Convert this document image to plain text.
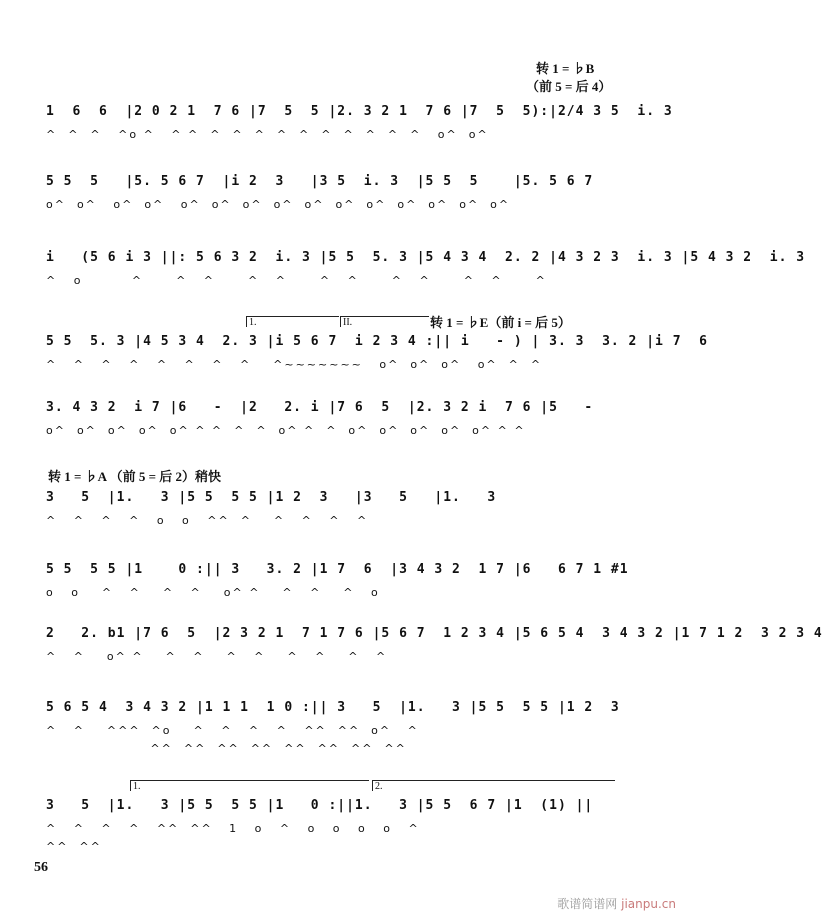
转 1 = ♭B
（前 5 = 后 4）
1  6  6  |2 0 2 1  7 6 |7  5  5 |2. 3 2 1  7 6 |7  5  5):|2/4 3 5  i. 3
^  ^  ^   ^o ^   ^ ^  ^  ^  ^  ^  ^  ^  ^  ^  ^  ^   o^  o^
5 5  5   |5. 5 6 7  |i 2  3   |3 5  i. 3  |5 5  5    |5. 5 6 7
o^  o^   o^  o^   o^  o^  o^  o^  o^  o^  o^  o^  o^  o^  o^
i   (5 6 i 3 ||: 5 6 3 2  i. 3 |5 5  5. 3 |5 4 3 4  2. 2 |4 3 2 3  i. 3 |5 4 3 2  i. 3
^   o         ^      ^   ^      ^   ^      ^   ^      ^   ^      ^   ^      ^
1.	II.	转 1 = ♭E（前 i = 后 5）
5 5  5. 3 |4 5 3 4  2. 3 |i 5 6 7  i 2 3 4 :|| i   - ) | 3. 3  3. 2 |i 7  6
^   ^   ^   ^   ^   ^   ^   ^    ^~~~~~~~   o^  o^  o^   o^  ^  ^
3. 4 3 2  i 7 |6   -  |2   2. i |7 6  5  |2. 3 2 i  7 6 |5   -
o^  o^  o^  o^  o^ ^ ^  ^  ^  o^ ^  ^  o^  o^  o^  o^  o^ ^ ^
转 1 = ♭A （前 5 = 后 2）稍快
3   5  |1.   3 |5 5  5 5 |1 2  3   |3   5   |1.   3
^   ^   ^   ^   o   o   ^^  ^    ^   ^   ^   ^
5 5  5 5 |1    0 :|| 3   3. 2 |1 7  6  |3 4 3 2  1 7 |6   6 7 1 #1
o   o    ^   ^    ^   ^    o^ ^    ^   ^    ^   o
2   2. b1 |7 6  5  |2 3 2 1  7 1 7 6 |5 6 7  1 2 3 4 |5 6 5 4  3 4 3 2 |1 7 1 2  3 2 3 4
^   ^    o^ ^    ^   ^    ^   ^    ^   ^    ^   ^
5 6 5 4  3 4 3 2 |1 1 1  1 0 :|| 3   5  |1.   3 |5 5  5 5 |1 2  3
^   ^    ^^^  ^o    ^   ^   ^   ^   ^^  ^^  o^   ^
^^  ^^  ^^  ^^  ^^  ^^  ^^  ^^
1.	2.
3   5  |1.   3 |5 5  5 5 |1   0 :||1.   3 |5 5  6 7 |1  (1) ||
^   ^   ^   ^   ^^  ^^   1   o   ^   o   o   o   o   ^
^^  ^^
56
歌谱简谱网 jianpu.cn
